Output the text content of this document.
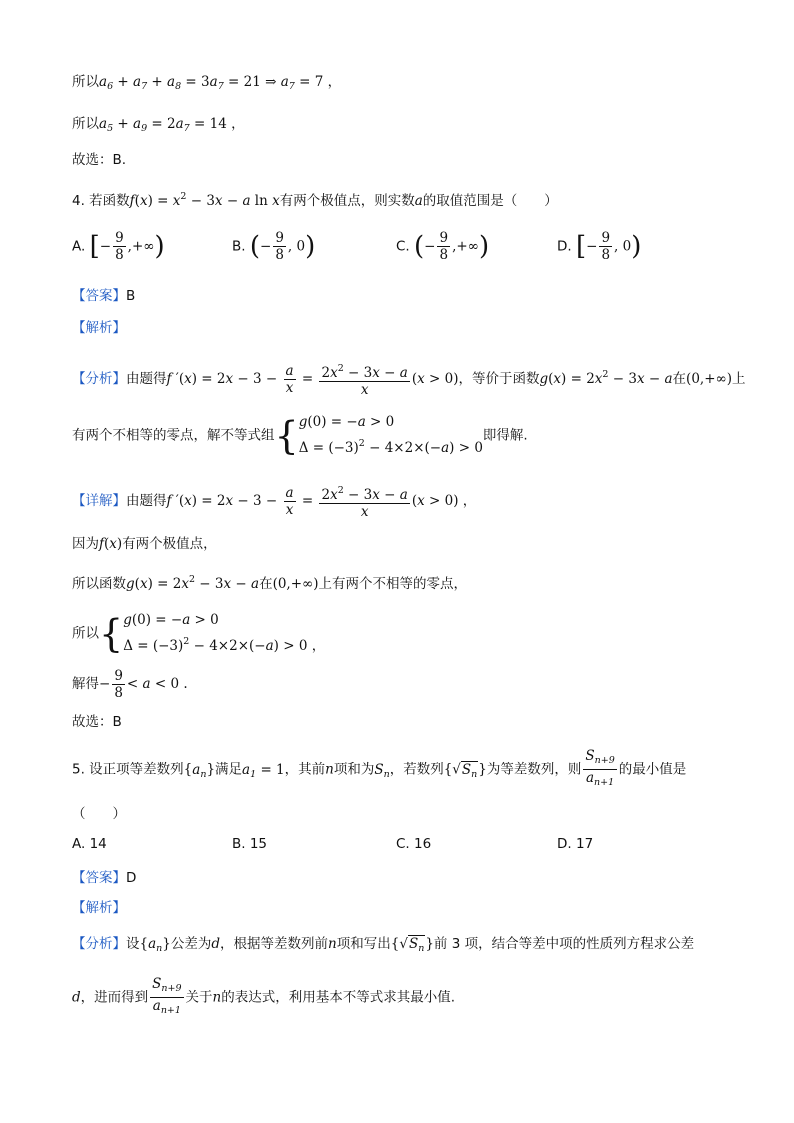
所以$a_6 + a_7 + a_8 = 3a_7 = 21$ ⇒ $a_7 = 7$ ，
所以$a_5 + a_9 = 2a_7 = 14$ ，
故选：B.
4. 若函数$f(x) = x^2 - 3x - a$ ln x有两个极值点，则实数a的取值范围是（　　）
A. [− $\frac{9}{8}$ ,+∞)	B. (− $\frac{9}{8}$ , 0)	C. (− $\frac{9}{8}$ ,+∞)	D. [− $\frac{9}{8}$ , 0)
【答案】B
【解析】
【分析】由题得f $'(x) = 2x - 3 - \frac{a}{x} = \frac{2x^2 - 3x - a}{x} (x > 0)$，等价于函数$g(x) = 2x^2 - 3x - a$在(0,+∞)上
有两个不相等的零点，解不等式组{ g(0) = −a > 0
$\Delta = (-3)^2 - 4\times 2\times(-a) > 0$
即得解.
【详解】由题得f $'(x) = 2x - 3 - \frac{a}{x} = \frac{2x^2 - 3x - a}{x} (x > 0)$ ，
因为f(x)有两个极值点，
所以函数$g(x) = 2x^2 - 3x - a$在(0,+∞)上有两个不相等的零点，
所以{ g(0) = −a > 0
$\Delta = (-3)^2 - 4\times 2\times(-a) > 0$ ，
解得− $\frac{9}{8} < a < 0$ .
故选：B
5. 设正项等差数列$\{a_n\}$满足$a_1 = 1$，其前n项和为$S_n$，若数列$\{√S_n\}$为等差数列，则 $\frac{S_{n+9}}{a_{n+1}}$ 的最小值是
（　　）
A. 14	B. 15	C. 16	D. 17
【答案】D
【解析】
【分析】设$\{a_n\}$公差为d，根据等差数列前n项和写出$\{√S_n\}$前 3 项，结合等差中项的性质列方程求公差
d，进而得到 $\frac{S_{n+9}}{a_{n+1}}$ 关于n的表达式，利用基本不等式求其最小值.
